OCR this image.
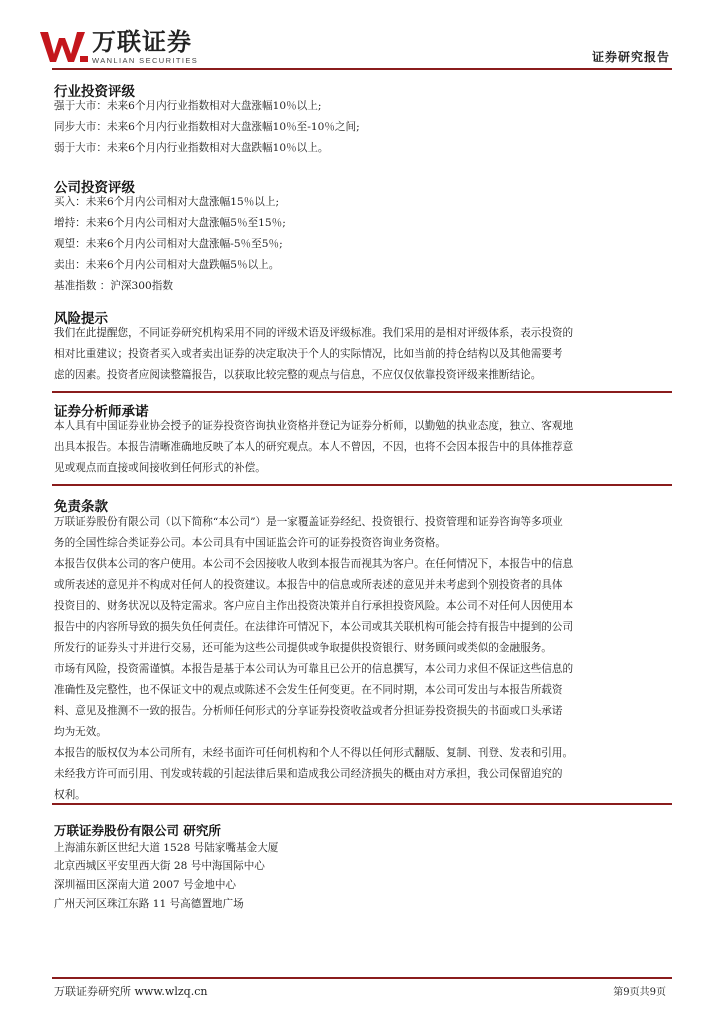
万联证券
WANLIAN SECURITIES	证券研究报告
行业投资评级
强于大市：未来6个月内行业指数相对大盘涨幅10％以上;
同步大市：未来6个月内行业指数相对大盘涨幅10％至-10％之间;
弱于大市：未来6个月内行业指数相对大盘跌幅10％以上。
公司投资评级
买入：未来6个月内公司相对大盘涨幅15％以上;
增持：未来6个月内公司相对大盘涨幅5％至15％;
观望：未来6个月内公司相对大盘涨幅-5％至5％;
卖出：未来6个月内公司相对大盘跌幅5％以上。
基准指数 ：沪深300指数
风险提示
我们在此提醒您，不同证券研究机构采用不同的评级术语及评级标准。我们采用的是相对评级体系，表示投资的
相对比重建议；投资者买入或者卖出证券的决定取决于个人的实际情况，比如当前的持仓结构以及其他需要考
虑的因素。投资者应阅读整篇报告，以获取比较完整的观点与信息，不应仅仅依靠投资评级来推断结论。
证券分析师承诺
本人具有中国证券业协会授予的证券投资咨询执业资格并登记为证券分析师，以勤勉的执业态度，独立、客观地
出具本报告。本报告清晰准确地反映了本人的研究观点。本人不曾因，不因，也将不会因本报告中的具体推荐意
见或观点而直接或间接收到任何形式的补偿。
免责条款
万联证券股份有限公司（以下简称“本公司”）是一家覆盖证券经纪、投资银行、投资管理和证券咨询等多项业
务的全国性综合类证券公司。本公司具有中国证监会许可的证券投资咨询业务资格。
本报告仅供本公司的客户使用。本公司不会因接收人收到本报告而视其为客户。在任何情况下，本报告中的信息
或所表述的意见并不构成对任何人的投资建议。本报告中的信息或所表述的意见并未考虑到个别投资者的具体
投资目的、财务状况以及特定需求。客户应自主作出投资决策并自行承担投资风险。本公司不对任何人因使用本
报告中的内容所导致的损失负任何责任。在法律许可情况下，本公司或其关联机构可能会持有报告中提到的公司
所发行的证券头寸并进行交易，还可能为这些公司提供或争取提供投资银行、财务顾问或类似的金融服务。
市场有风险，投资需谨慎。本报告是基于本公司认为可靠且已公开的信息撰写，本公司力求但不保证这些信息的
准确性及完整性，也不保证文中的观点或陈述不会发生任何变更。在不同时期，本公司可发出与本报告所载资
料、意见及推测不一致的报告。分析师任何形式的分享证券投资收益或者分担证券投资损失的书面或口头承诺
均为无效。
本报告的版权仅为本公司所有，未经书面许可任何机构和个人不得以任何形式翻版、复制、刊登、发表和引用。
未经我方许可而引用、刊发或转载的引起法律后果和造成我公司经济损失的概由对方承担，我公司保留追究的
权利。
万联证券股份有限公司 研究所
上海浦东新区世纪大道 1528 号陆家嘴基金大厦
北京西城区平安里西大街 28 号中海国际中心
深圳福田区深南大道 2007 号金地中心
广州天河区珠江东路 11 号高德置地广场
万联证券研究所 www.wlzq.cn	第9页共9页
